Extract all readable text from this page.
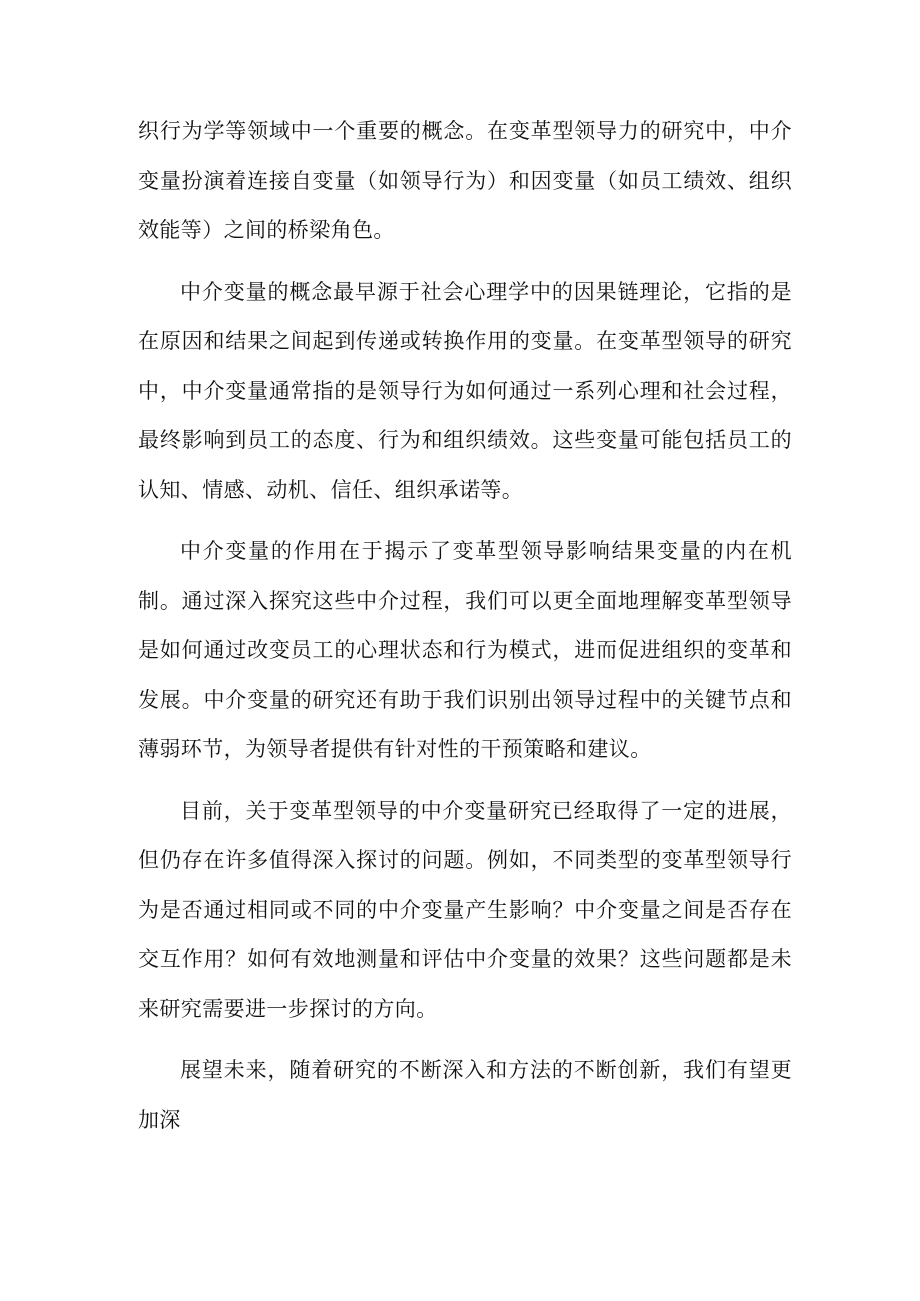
织行为学等领域中一个重要的概念。在变革型领导力的研究中，中介变量扮演着连接自变量（如领导行为）和因变量（如员工绩效、组织效能等）之间的桥梁角色。

中介变量的概念最早源于社会心理学中的因果链理论，它指的是在原因和结果之间起到传递或转换作用的变量。在变革型领导的研究中，中介变量通常指的是领导行为如何通过一系列心理和社会过程，最终影响到员工的态度、行为和组织绩效。这些变量可能包括员工的认知、情感、动机、信任、组织承诺等。

中介变量的作用在于揭示了变革型领导影响结果变量的内在机制。通过深入探究这些中介过程，我们可以更全面地理解变革型领导是如何通过改变员工的心理状态和行为模式，进而促进组织的变革和发展。中介变量的研究还有助于我们识别出领导过程中的关键节点和薄弱环节，为领导者提供有针对性的干预策略和建议。

目前，关于变革型领导的中介变量研究已经取得了一定的进展，但仍存在许多值得深入探讨的问题。例如，不同类型的变革型领导行为是否通过相同或不同的中介变量产生影响？中介变量之间是否存在交互作用？如何有效地测量和评估中介变量的效果？这些问题都是未来研究需要进一步探讨的方向。

展望未来，随着研究的不断深入和方法的不断创新，我们有望更加深
